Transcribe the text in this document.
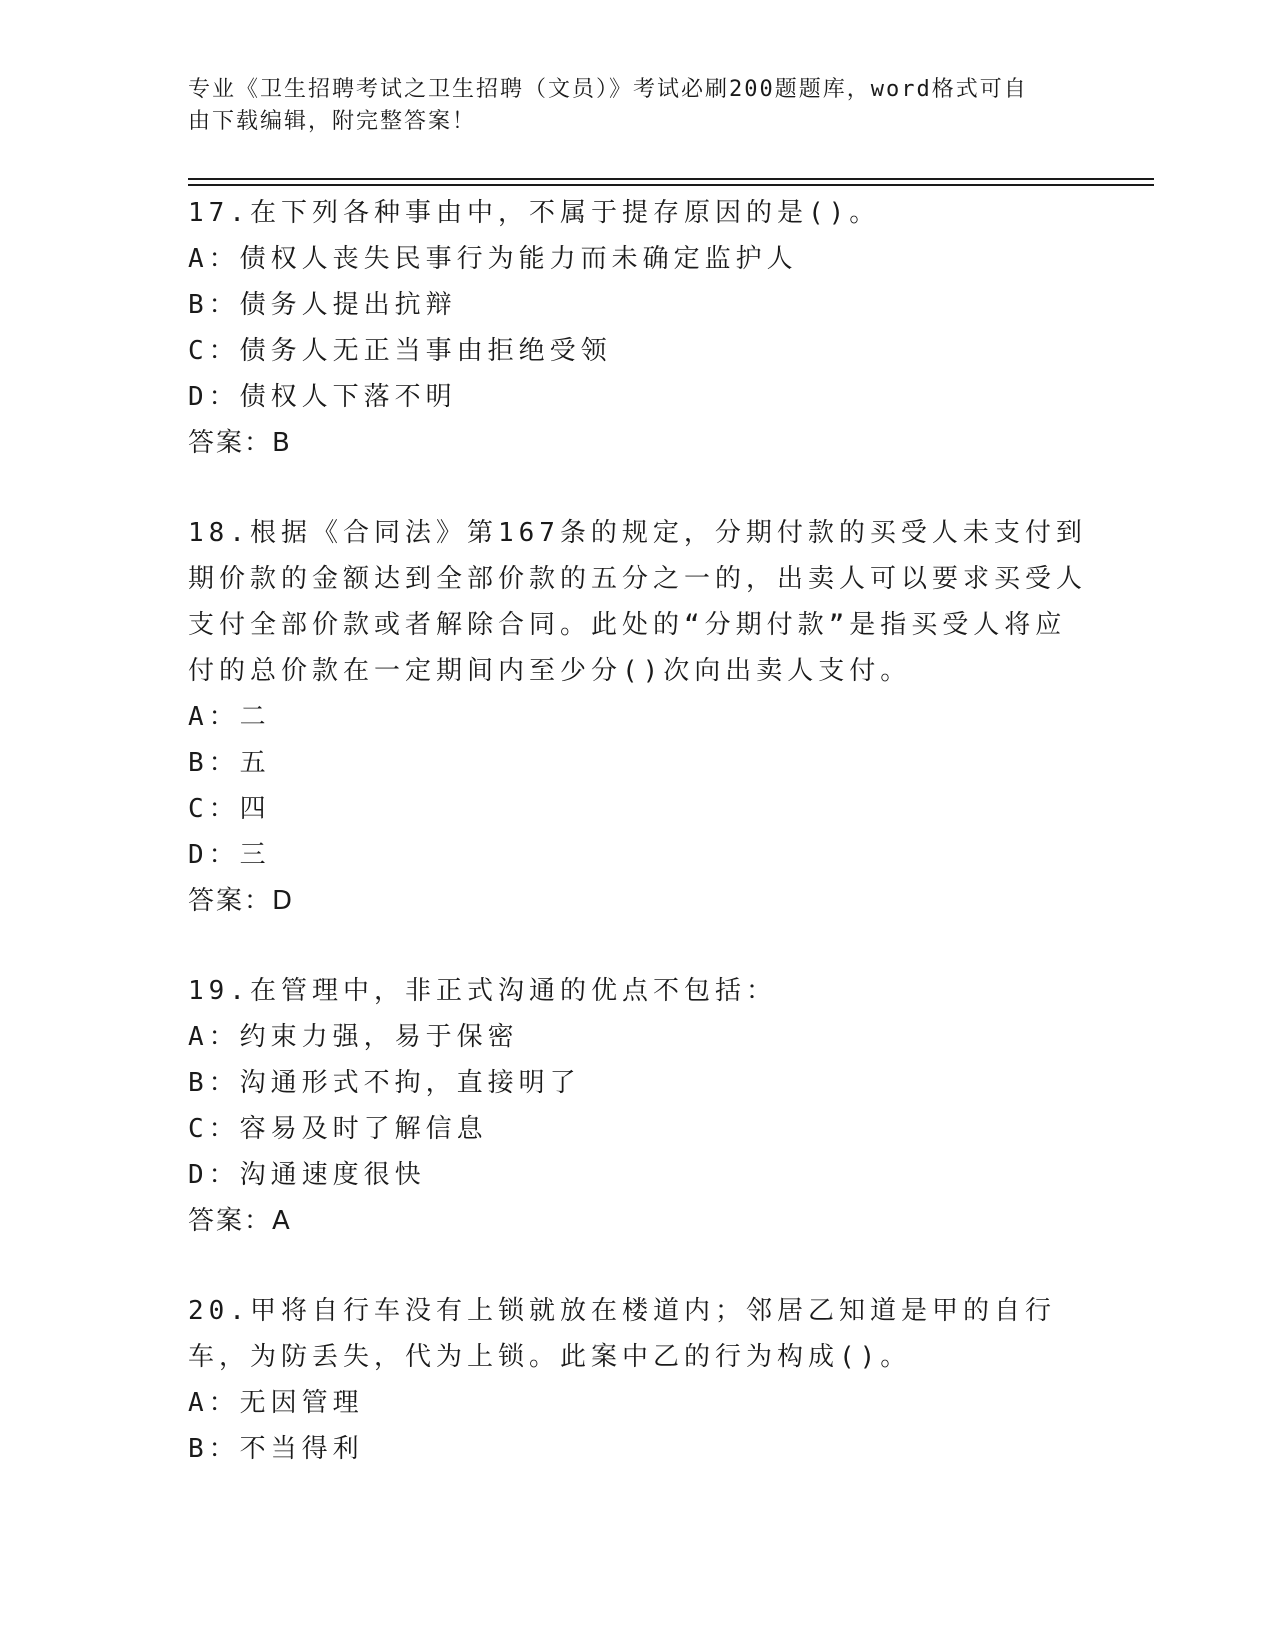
专业《卫生招聘考试之卫生招聘（文员）》考试必刷200题题库，word格式可自
由下载编辑，附完整答案！

17.在下列各种事由中，不属于提存原因的是()。

A：债权人丧失民事行为能力而未确定监护人
B：债务人提出抗辩
C：债务人无正当事由拒绝受领
D：债权人下落不明
答案：B

18.根据《合同法》第167条的规定，分期付款的买受人未支付到期价款的金额达到全部价款的五分之一的，出卖人可以要求买受人支付全部价款或者解除合同。此处的“分期付款”是指买受人将应付的总价款在一定期间内至少分()次向出卖人支付。

A：二
B：五
C：四
D：三
答案：D

19.在管理中，非正式沟通的优点不包括：

A：约束力强，易于保密
B：沟通形式不拘，直接明了
C：容易及时了解信息
D：沟通速度很快
答案：A

20.甲将自行车没有上锁就放在楼道内；邻居乙知道是甲的自行车，为防丢失，代为上锁。此案中乙的行为构成()。

A：无因管理
B：不当得利
